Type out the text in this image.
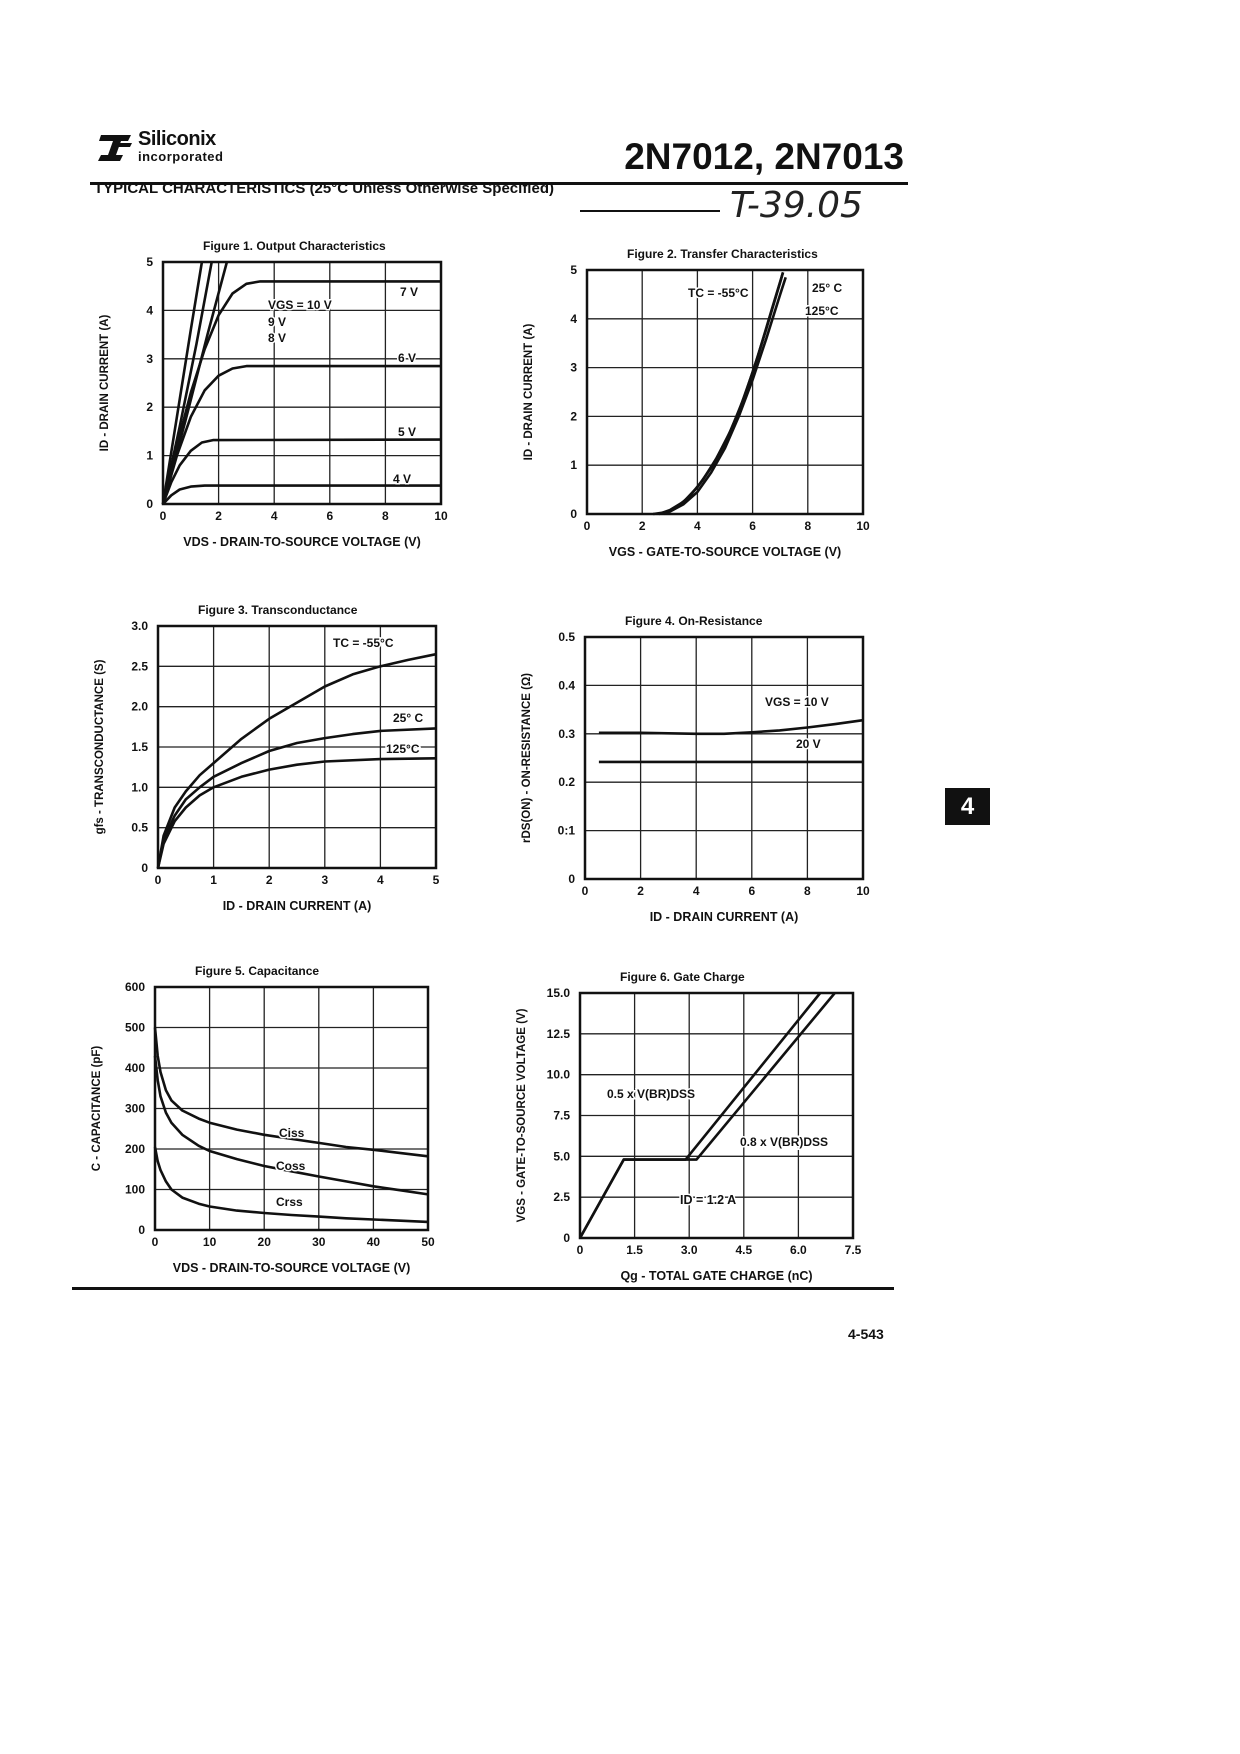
Siliconix
incorporated	2N7012, 2N7013
TYPICAL CHARACTERISTICS (25°C Unless Otherwise Specified)	T-39.05
4
4-543
Figure 1. Output Characteristics
0	2	4	6	8	10
0
1
2
3
4
5
VDS - DRAIN-TO-SOURCE VOLTAGE (V)
ID - DRAIN CURRENT (A)
VGS = 10 V
9 V
8 V
7 V
6 V
5 V
4 V
Figure 2. Transfer Characteristics
0	2	4	6	8	10
0
1
2
3
4
5
VGS - GATE-TO-SOURCE VOLTAGE (V)
ID - DRAIN CURRENT (A)
TC = -55°C	25° C
125°C
Figure 3. Transconductance
0	1	2	3	4	5
0
0.5
1.0
1.5
2.0
2.5
3.0
ID - DRAIN CURRENT (A)
gfs - TRANSCONDUCTANCE (S)
TC = -55°C
25° C
125°C
Figure 4. On-Resistance
0	2	4	6	8	10
0
0:1
0.2
0.3
0.4
0.5
ID - DRAIN CURRENT (A)
rDS(ON) - ON-RESISTANCE (Ω)	VGS = 10 V
20 V
Figure 5. Capacitance
0	10	20	30	40	50
0
100
200
300
400
500
600
VDS - DRAIN-TO-SOURCE VOLTAGE (V)
C - CAPACITANCE (pF)	Ciss
Coss
Crss
Figure 6. Gate Charge
0	1.5	3.0	4.5	6.0	7.5
0
2.5
5.0
7.5
10.0
12.5
15.0
Qg - TOTAL GATE CHARGE (nC)
VGS - GATE-TO-SOURCE VOLTAGE (V)	0.5 x V(BR)DSS
0.8 x V(BR)DSS
ID = 1.2 A
